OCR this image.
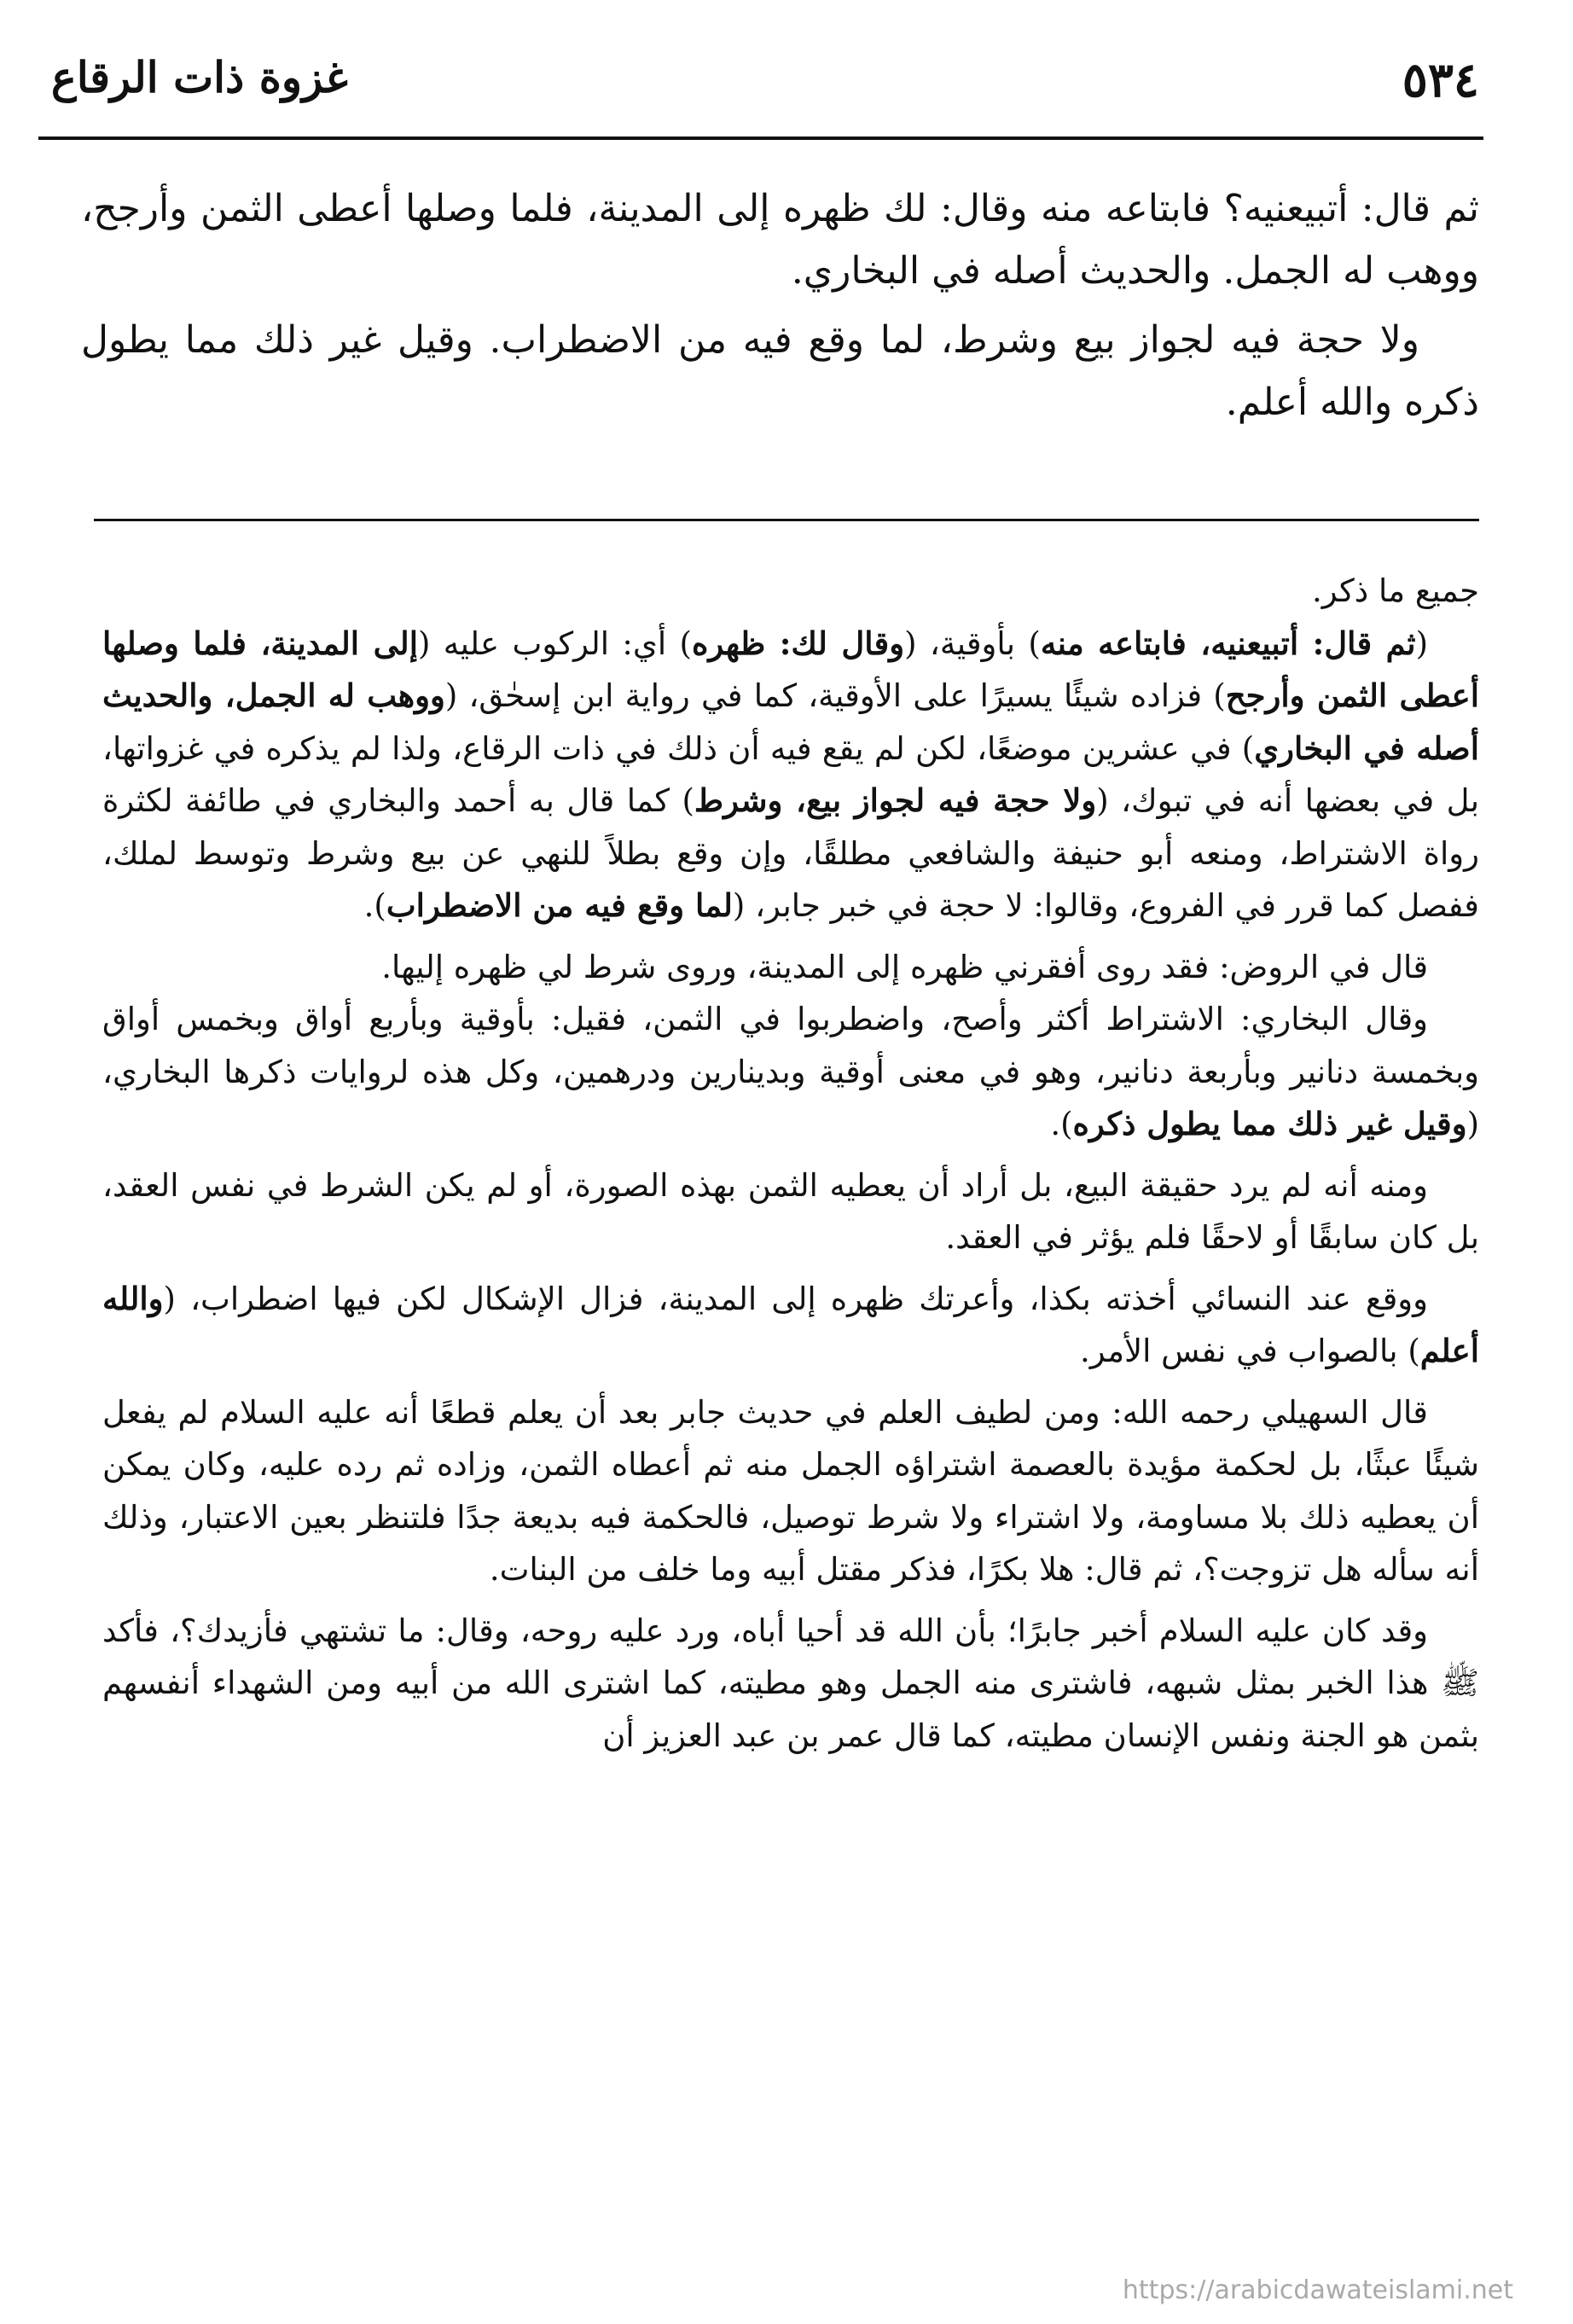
٥٣٤
غزوة ذات الرقاع

ثم قال: أتبيعنيه؟ فابتاعه منه وقال: لك ظهره إلى المدينة، فلما وصلها أعطى الثمن وأرجح، ووهب له الجمل. والحديث أصله في البخاري.

ولا حجة فيه لجواز بيع وشرط، لما وقع فيه من الاضطراب. وقيل غير ذلك مما يطول ذكره والله أعلم.

جميع ما ذكر.

(ثم قال: أتبيعنيه، فابتاعه منه) بأوقية، (وقال لك: ظهره) أي: الركوب عليه (إلى المدينة، فلما وصلها أعطى الثمن وأرجح) فزاده شيئًا يسيرًا على الأوقية، كما في رواية ابن إسحٰق، (ووهب له الجمل، والحديث أصله في البخاري) في عشرين موضعًا، لكن لم يقع فيه أن ذلك في ذات الرقاع، ولذا لم يذكره في غزواتها، بل في بعضها أنه في تبوك، (ولا حجة فيه لجواز بيع، وشرط) كما قال به أحمد والبخاري في طائفة لكثرة رواة الاشتراط، ومنعه أبو حنيفة والشافعي مطلقًا، وإن وقع بطلاً للنهي عن بيع وشرط وتوسط لملك، ففصل كما قرر في الفروع، وقالوا: لا حجة في خبر جابر، (لما وقع فيه من الاضطراب).

قال في الروض: فقد روى أفقرني ظهره إلى المدينة، وروى شرط لي ظهره إليها.

وقال البخاري: الاشتراط أكثر وأصح، واضطربوا في الثمن، فقيل: بأوقية وبأربع أواق وبخمس أواق وبخمسة دنانير وبأربعة دنانير، وهو في معنى أوقية وبدينارين ودرهمين، وكل هذه لروايات ذكرها البخاري، (وقيل غير ذلك مما يطول ذكره).

ومنه أنه لم يرد حقيقة البيع، بل أراد أن يعطيه الثمن بهذه الصورة، أو لم يكن الشرط في نفس العقد، بل كان سابقًا أو لاحقًا فلم يؤثر في العقد.

ووقع عند النسائي أخذته بكذا، وأعرتك ظهره إلى المدينة، فزال الإشكال لكن فيها اضطراب، (والله أعلم) بالصواب في نفس الأمر.

قال السهيلي رحمه الله: ومن لطيف العلم في حديث جابر بعد أن يعلم قطعًا أنه عليه السلام لم يفعل شيئًا عبثًا، بل لحكمة مؤيدة بالعصمة اشتراؤه الجمل منه ثم أعطاه الثمن، وزاده ثم رده عليه، وكان يمكن أن يعطيه ذلك بلا مساومة، ولا اشتراء ولا شرط توصيل، فالحكمة فيه بديعة جدًا فلتنظر بعين الاعتبار، وذلك أنه سأله هل تزوجت؟، ثم قال: هلا بكرًا، فذكر مقتل أبيه وما خلف من البنات.

وقد كان عليه السلام أخبر جابرًا؛ بأن الله قد أحيا أباه، ورد عليه روحه، وقال: ما تشتهي فأزيدك؟، فأكد ﷺ هذا الخبر بمثل شبهه، فاشترى منه الجمل وهو مطيته، كما اشترى الله من أبيه ومن الشهداء أنفسهم بثمن هو الجنة ونفس الإنسان مطيته، كما قال عمر بن عبد العزيز أن

https://arabicdawateislami.net
